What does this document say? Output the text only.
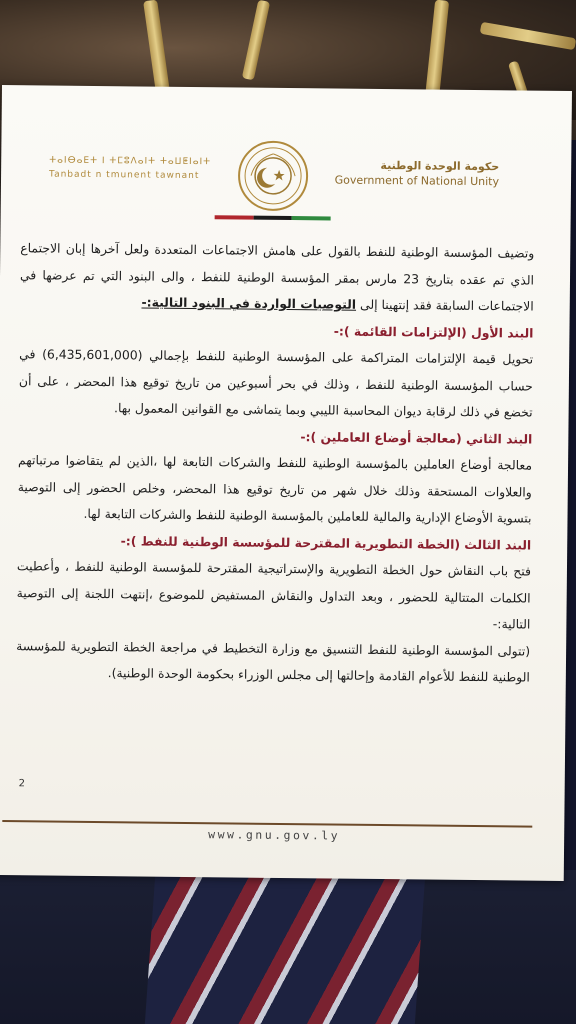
ⵜⴰⵏⴱⴰⴹⵜ ⵏ ⵜⵎⵓⴷⴰⵏⵜ ⵜⴰⵡⵟⵏⴰⵏⵜ
Tanbadt n tmunent tawnant
حكومة الوحدة الوطنية
Government of National Unity

وتضيف المؤسسة الوطنية للنفط بالقول على هامش الاجتماعات المتعددة ولعل آخرها إبان الاجتماع الذي تم عقده بتاريخ 23 مارس بمقر المؤسسة الوطنية للنفط ، والى البنود التي تم عرضها في الاجتماعات السابقة فقد إنتهينا إلى التوصيات الواردة في البنود التالية:-

البند الأول (الإلتزامات القائمة ):-

تحويل قيمة الإلتزامات المتراكمة على المؤسسة الوطنية للنفط بإجمالي (6,435,601,000) في حساب المؤسسة الوطنية للنفط ، وذلك في بحر أسبوعين من تاريخ توقيع هذا المحضر ، على أن تخضع في ذلك لرقابة ديوان المحاسبة الليبي وبما يتماشى مع القوانين المعمول بها.

البند الثاني (معالجة أوضاع العاملين ):-

معالجة أوضاع العاملين بالمؤسسة الوطنية للنفط والشركات التابعة لها ،الذين لم يتقاضوا مرتباتهم والعلاوات المستحقة وذلك خلال شهر من تاريخ توقيع هذا المحضر، وخلص الحضور إلى التوصية بتسوية الأوضاع الإدارية والمالية للعاملين بالمؤسسة الوطنية للنفط والشركات التابعة لها.

البند الثالث (الخطة التطويرية المقترحة للمؤسسة الوطنية للنفط ):-

فتح باب النقاش حول الخطة التطويرية والإستراتيجية المقترحة للمؤسسة الوطنية للنفط ، وأعطيت الكلمات المتتالية للحضور ، وبعد التداول والنقاش المستفيض للموضوع ،إنتهت اللجنة إلى التوصية التالية:-

(تتولى المؤسسة الوطنية للنفط التنسيق مع وزارة التخطيط في مراجعة الخطة التطويرية للمؤسسة الوطنية للنفط للأعوام القادمة وإحالتها إلى مجلس الوزراء بحكومة الوحدة الوطنية).

2
www.gnu.gov.ly
